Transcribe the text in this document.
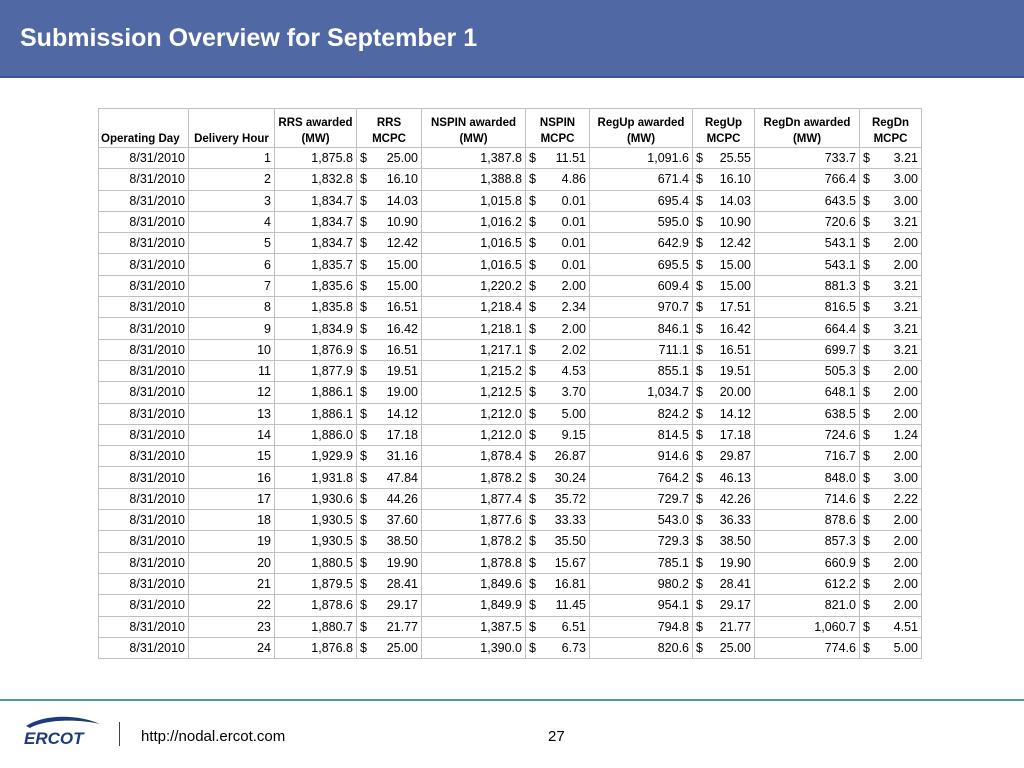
Submission Overview for September 1
Operating Day	Delivery Hour	RRS awarded (MW)	RRS MCPC	NSPIN awarded (MW)	NSPIN MCPC	RegUp awarded (MW)	RegUp MCPC	RegDn awarded (MW)	RegDn MCPC
8/31/2010	1	1,875.8	$ 25.00	1,387.8	$ 11.51	1,091.6	$ 25.55	733.7	$ 3.21

8/31/2010	2	1,832.8	$ 16.10	1,388.8	$ 4.86	671.4	$ 16.10	766.4	$ 3.00

8/31/2010	3	1,834.7	$ 14.03	1,015.8	$ 0.01	695.4	$ 14.03	643.5	$ 3.00

8/31/2010	4	1,834.7	$ 10.90	1,016.2	$ 0.01	595.0	$ 10.90	720.6	$ 3.21

8/31/2010	5	1,834.7	$ 12.42	1,016.5	$ 0.01	642.9	$ 12.42	543.1	$ 2.00

8/31/2010	6	1,835.7	$ 15.00	1,016.5	$ 0.01	695.5	$ 15.00	543.1	$ 2.00

8/31/2010	7	1,835.6	$ 15.00	1,220.2	$ 2.00	609.4	$ 15.00	881.3	$ 3.21

8/31/2010	8	1,835.8	$ 16.51	1,218.4	$ 2.34	970.7	$ 17.51	816.5	$ 3.21

8/31/2010	9	1,834.9	$ 16.42	1,218.1	$ 2.00	846.1	$ 16.42	664.4	$ 3.21

8/31/2010	10	1,876.9	$ 16.51	1,217.1	$ 2.02	711.1	$ 16.51	699.7	$ 3.21

8/31/2010	11	1,877.9	$ 19.51	1,215.2	$ 4.53	855.1	$ 19.51	505.3	$ 2.00

8/31/2010	12	1,886.1	$ 19.00	1,212.5	$ 3.70	1,034.7	$ 20.00	648.1	$ 2.00

8/31/2010	13	1,886.1	$ 14.12	1,212.0	$ 5.00	824.2	$ 14.12	638.5	$ 2.00

8/31/2010	14	1,886.0	$ 17.18	1,212.0	$ 9.15	814.5	$ 17.18	724.6	$ 1.24

8/31/2010	15	1,929.9	$ 31.16	1,878.4	$ 26.87	914.6	$ 29.87	716.7	$ 2.00

8/31/2010	16	1,931.8	$ 47.84	1,878.2	$ 30.24	764.2	$ 46.13	848.0	$ 3.00

8/31/2010	17	1,930.6	$ 44.26	1,877.4	$ 35.72	729.7	$ 42.26	714.6	$ 2.22

8/31/2010	18	1,930.5	$ 37.60	1,877.6	$ 33.33	543.0	$ 36.33	878.6	$ 2.00

8/31/2010	19	1,930.5	$ 38.50	1,878.2	$ 35.50	729.3	$ 38.50	857.3	$ 2.00

8/31/2010	20	1,880.5	$ 19.90	1,878.8	$ 15.67	785.1	$ 19.90	660.9	$ 2.00

8/31/2010	21	1,879.5	$ 28.41	1,849.6	$ 16.81	980.2	$ 28.41	612.2	$ 2.00

8/31/2010	22	1,878.6	$ 29.17	1,849.9	$ 11.45	954.1	$ 29.17	821.0	$ 2.00

8/31/2010	23	1,880.7	$ 21.77	1,387.5	$ 6.51	794.8	$ 21.77	1,060.7	$ 4.51

8/31/2010	24	1,876.8	$ 25.00	1,390.0	$ 6.73	820.6	$ 25.00	774.6	$ 5.00
ERCOT	http://nodal.ercot.com	27
